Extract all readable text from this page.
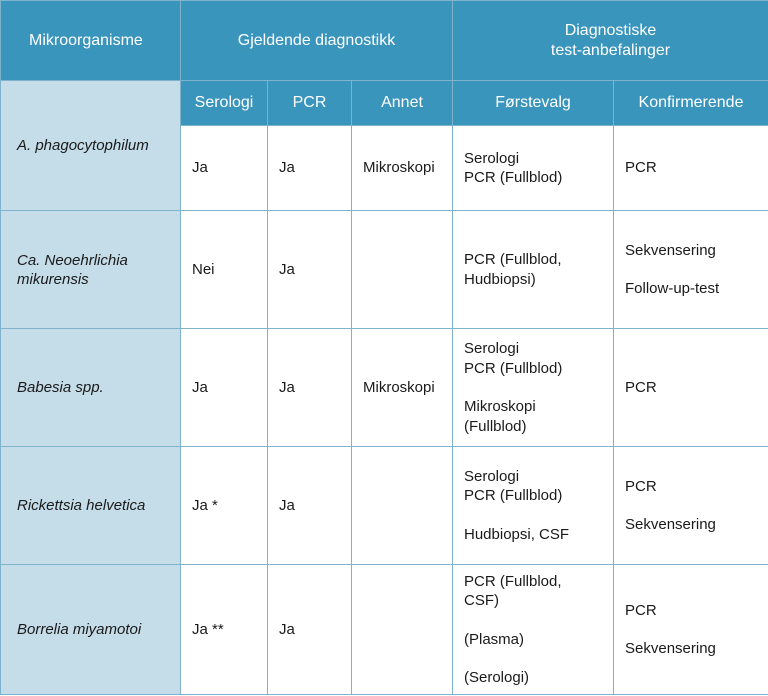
Mikroorganisme	Gjeldende diagnostikk			Diagnostiske
test-anbefalinger	

A. phagocytophilum	Serologi	PCR	Annet	Førstevalg	Konfirmerende
	Ja	Ja	Mikroskopi	Serologi
PCR (Fullblod)	PCR

Ca. Neoehrlichia
mikurensis	Nei	Ja		PCR (Fullblod,
Hudbiopsi)	Sekvensering
Follow-up-test

Babesia spp.	Ja	Ja	Mikroskopi	Serologi
PCR (Fullblod)
Mikroskopi
(Fullblod)	PCR

Rickettsia helvetica	Ja *	Ja		Serologi
PCR (Fullblod)
Hudbiopsi, CSF	PCR
Sekvensering

Borrelia miyamotoi	Ja **	Ja		PCR (Fullblod,
CSF)
(Plasma)
(Serologi)	PCR
Sekvensering
